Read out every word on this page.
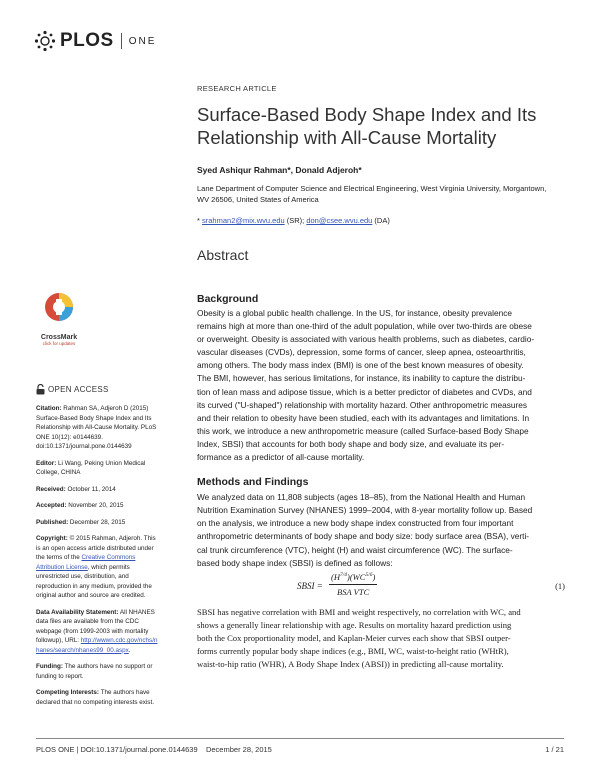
PLOS ONE
CrossMark
click for updates
OPEN ACCESS

Citation: Rahman SA, Adjeroh D (2015) Surface-Based Body Shape Index and Its Relationship with All-Cause Mortality. PLoS ONE 10(12): e0144639. doi:10.1371/journal.pone.0144639

Editor: Li Wang, Peking Union Medical College, CHINA

Received: October 11, 2014

Accepted: November 20, 2015

Published: December 28, 2015

Copyright: © 2015 Rahman, Adjeroh. This is an open access article distributed under the terms of the Creative Commons Attribution License, which permits unrestricted use, distribution, and reproduction in any medium, provided the original author and source are credited.

Data Availability Statement: All NHANES data files are available from the CDC webpage (from 1999-2003 with mortality followup), URL: http://wwwn.cdc.gov/nchs/nhanes/search/nhanes99_00.aspx.

Funding: The authors have no support or funding to report.

Competing Interests: The authors have declared that no competing interests exist.

RESEARCH ARTICLE
Surface-Based Body Shape Index and Its
Relationship with All-Cause Mortality
Syed Ashiqur Rahman*, Donald Adjeroh*
Lane Department of Computer Science and Electrical Engineering, West Virginia University, Morgantown,
WV 26506, United States of America
* srahman2@mix.wvu.edu (SR); don@csee.wvu.edu (DA)
Abstract
Background
Obesity is a global public health challenge. In the US, for instance, obesity prevalence
remains high at more than one-third of the adult population, while over two-thirds are obese
or overweight. Obesity is associated with various health problems, such as diabetes, cardio-
vascular diseases (CVDs), depression, some forms of cancer, sleep apnea, osteoarthritis,
among others. The body mass index (BMI) is one of the best known measures of obesity.
The BMI, however, has serious limitations, for instance, its inability to capture the distribu-
tion of lean mass and adipose tissue, which is a better predictor of diabetes and CVDs, and
its curved ("U-shaped") relationship with mortality hazard. Other anthropometric measures
and their relation to obesity have been studied, each with its advantages and limitations. In
this work, we introduce a new anthropometric measure (called Surface-based Body Shape
Index, SBSI) that accounts for both body shape and body size, and evaluate its per-
formance as a predictor of all-cause mortality.
Methods and Findings
We analyzed data on 11,808 subjects (ages 18–85), from the National Health and Human
Nutrition Examination Survey (NHANES) 1999–2004, with 8-year mortality follow up. Based
on the analysis, we introduce a new body shape index constructed from four important
anthropometric determinants of body shape and body size: body surface area (BSA), verti-
cal trunk circumference (VTC), height (H) and waist circumference (WC). The surface-
based body shape index (SBSI) is defined as follows:
SBSI =
$(H^{7/4})(WC^{5/6})$
BSA VTC
(1)
SBSI has negative correlation with BMI and weight respectively, no correlation with WC, and
shows a generally linear relationship with age. Results on mortality hazard prediction using
both the Cox proportionality model, and Kaplan-Meier curves each show that SBSI outper-
forms currently popular body shape indices (e.g., BMI, WC, waist-to-height ratio (WHtR),
waist-to-hip ratio (WHR), A Body Shape Index (ABSI)) in predicting all-cause mortality.
PLOS ONE | DOI:10.1371/journal.pone.0144639    December 28, 2015	1 / 21
